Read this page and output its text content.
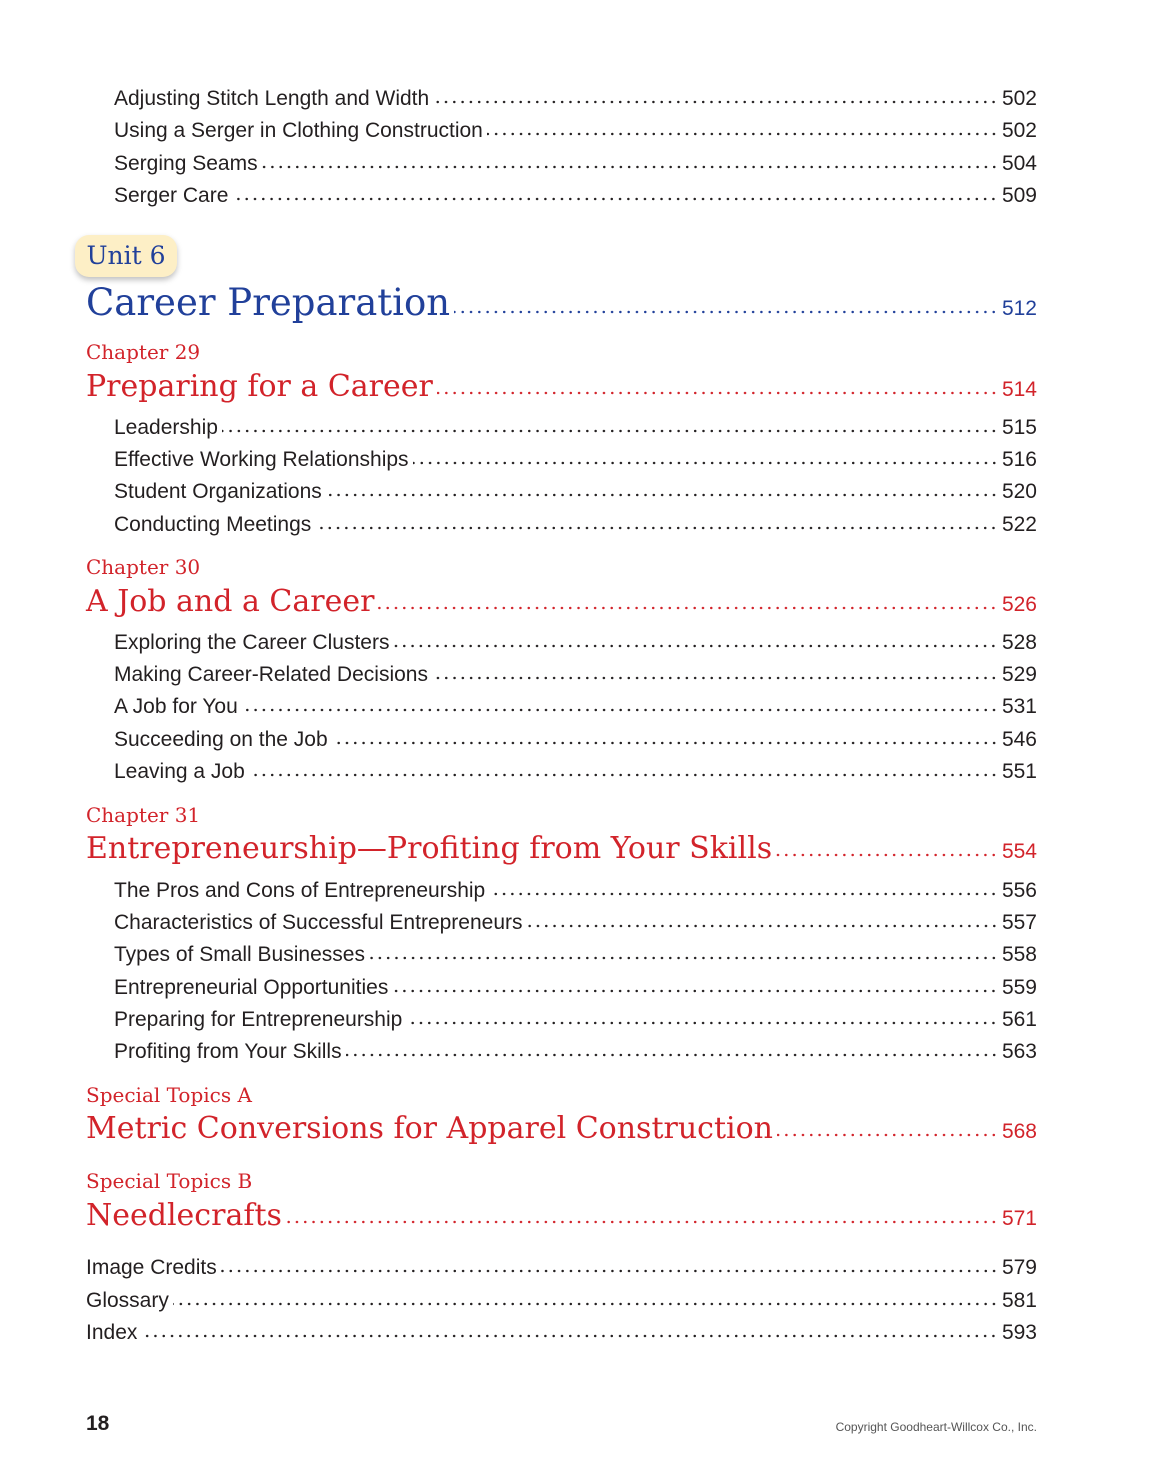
Adjusting Stitch Length and Width	502
Using a Serger in Clothing Construction	502
Serging Seams	504
Serger Care	509
Career Preparation	512
Chapter 29
Preparing for a Career	514
Leadership	515
Effective Working Relationships	516
Student Organizations	520
Conducting Meetings	522
Chapter 30
A Job and a Career	526
Exploring the Career Clusters	528
Making Career-Related Decisions	529
A Job for You	531
Succeeding on the Job	546
Leaving a Job	551
Chapter 31
Entrepreneurship—Profiting from Your Skills	554
The Pros and Cons of Entrepreneurship	556
Characteristics of Successful Entrepreneurs	557
Types of Small Businesses	558
Entrepreneurial Opportunities	559
Preparing for Entrepreneurship	561
Profiting from Your Skills	563
Special Topics A
Metric Conversions for Apparel Construction	568
Special Topics B
Needlecrafts	571
Image Credits	579
Glossary	581
Index	593
Unit 6
18	Copyright Goodheart-Willcox Co., Inc.
